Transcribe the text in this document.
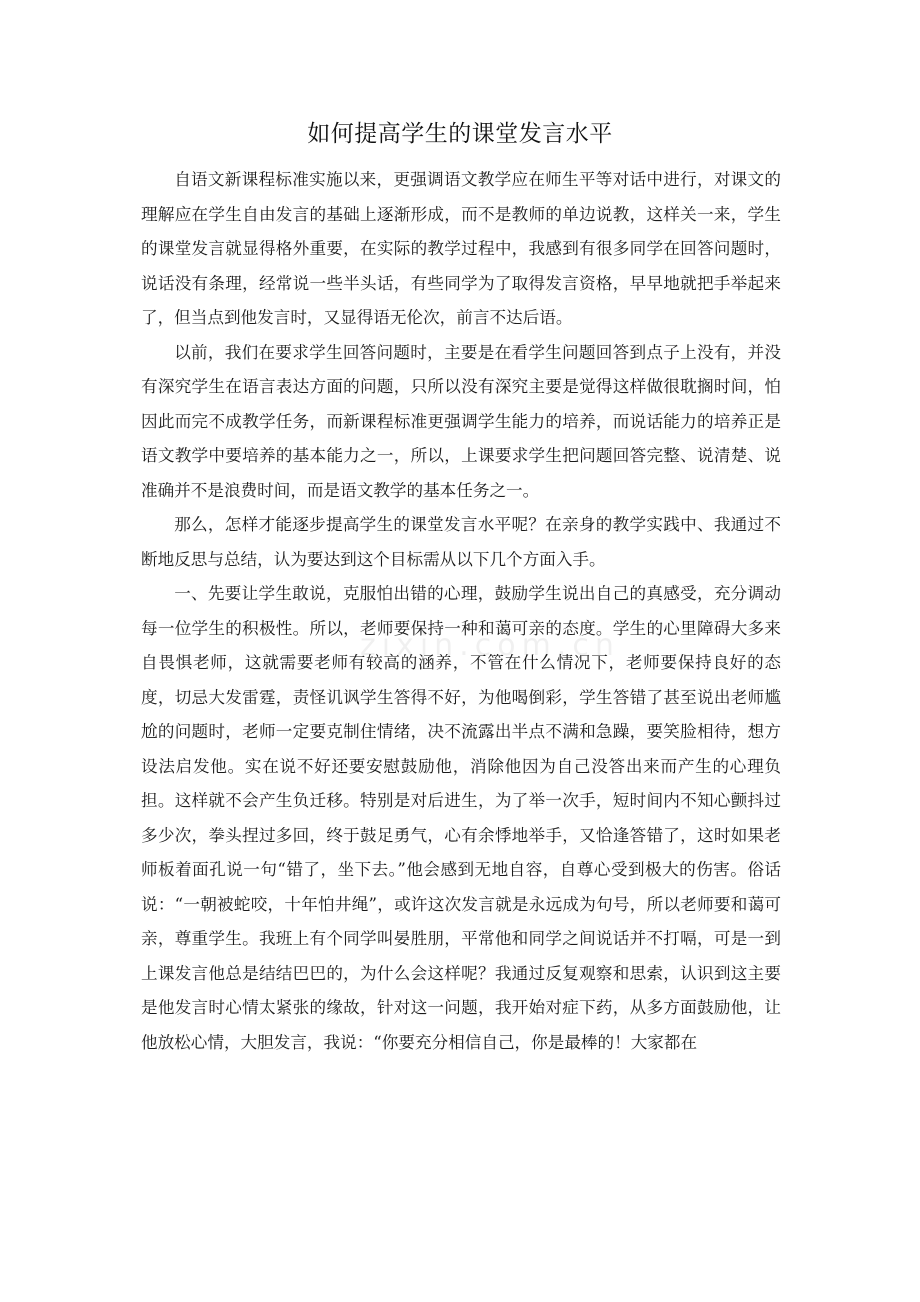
如何提高学生的课堂发言水平
zixin.com.cn

自语文新课程标准实施以来，更强调语文教学应在师生平等对话中进行，对课文的理解应在学生自由发言的基础上逐渐形成，而不是教师的单边说教，这样关一来，学生的课堂发言就显得格外重要，在实际的教学过程中，我感到有很多同学在回答问题时，说话没有条理，经常说一些半头话，有些同学为了取得发言资格，早早地就把手举起来了，但当点到他发言时，又显得语无伦次，前言不达后语。

以前，我们在要求学生回答问题时，主要是在看学生问题回答到点子上没有，并没有深究学生在语言表达方面的问题，只所以没有深究主要是觉得这样做很耽搁时间，怕因此而完不成教学任务，而新课程标准更强调学生能力的培养，而说话能力的培养正是语文教学中要培养的基本能力之一，所以，上课要求学生把问题回答完整、说清楚、说准确并不是浪费时间，而是语文教学的基本任务之一。

那么，怎样才能逐步提高学生的课堂发言水平呢？在亲身的教学实践中、我通过不断地反思与总结，认为要达到这个目标需从以下几个方面入手。

一、先要让学生敢说，克服怕出错的心理，鼓励学生说出自己的真感受，充分调动每一位学生的积极性。所以，老师要保持一种和蔼可亲的态度。学生的心里障碍大多来自畏惧老师，这就需要老师有较高的涵养，不管在什么情况下，老师要保持良好的态度，切忌大发雷霆，责怪讥讽学生答得不好，为他喝倒彩，学生答错了甚至说出老师尴尬的问题时，老师一定要克制住情绪，决不流露出半点不满和急躁，要笑脸相待，想方设法启发他。实在说不好还要安慰鼓励他，消除他因为自己没答出来而产生的心理负担。这样就不会产生负迁移。特别是对后进生，为了举一次手，短时间内不知心颤抖过多少次，拳头捏过多回，终于鼓足勇气，心有余悸地举手，又恰逢答错了，这时如果老师板着面孔说一句“错了，坐下去。”他会感到无地自容，自尊心受到极大的伤害。俗话说：“一朝被蛇咬，十年怕井绳”，或许这次发言就是永远成为句号，所以老师要和蔼可亲，尊重学生。我班上有个同学叫晏胜朋，平常他和同学之间说话并不打嗝，可是一到上课发言他总是结结巴巴的，为什么会这样呢？我通过反复观察和思索，认识到这主要是他发言时心情太紧张的缘故，针对这一问题，我开始对症下药，从多方面鼓励他，让他放松心情，大胆发言，我说：“你要充分相信自己，你是最棒的！大家都在
